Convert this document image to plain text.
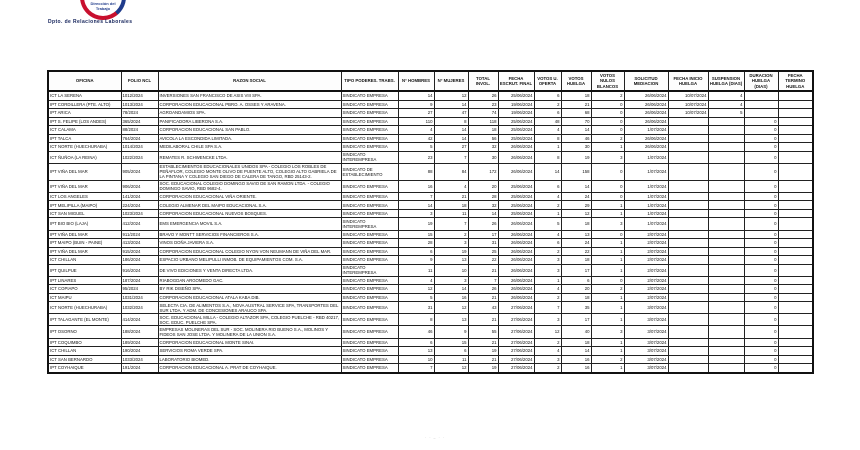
Dirección del Trabajo
Dpto. de Relaciones Laborales
OFICINA	FOLIO NCL	RAZON SOCIAL	TIPO PODERES. TRABS.	N° HOMBRES	N° MUJERES	TOTAL INVOL.	FECHA ESCRUT. FINAL	VOTOS U. OFERTA	VOTOS HUELGA	VOTOS NULOS BLANCOS	SOLICITUD MEDIACION	FECHA INICIO HUELGA	SUSPENSION HUELGA (DIAS)	DURACION HUELGA (DIAS)	FECHA TERMINO HUELGA
ICT LA SERENA	1012/2024	INVERSIONES SAN FRANCISCO DE ASIS VIII SPA.	SINDICATO EMPRESA	14	12	26	25/06/2024	6	18	2	26/06/2024	10/07/2024	4		
IPT CORDILLERA (PTE. ALTO)	1013/2024	CORPORACION EDUCACIONAL PBRO. A. OSSES Y ARAVENA.	SINDICATO EMPRESA	9	14	23	19/06/2024	2	21	0	26/06/2024	10/07/2024	4		
IPT ARICA	78/2024	AGROANDAMIOS SPA.	SINDICATO EMPRESA	27	47	74	19/06/2024	6	68	0	26/06/2024	10/07/2024	5		
IPT S. FELIPE (LOS ANDES)	365/2024	PANIFICADORA LIBERONA S.A.	SINDICATO EMPRESA	110	8	118	25/06/2024	48	70	0	26/06/2024			0	
ICT CALAMA	88/2024	CORPORACION EDUCACIONAL SAN PABLO.	SINDICATO EMPRESA	4	14	18	25/06/2024	4	14	0	1/07/2024			0	
IPT TALCA	764/2024	AVICOLA LA ESCONDIDA LIMITADA.	SINDICATO EMPRESA	42	14	56	25/06/2024	8	46	2	26/06/2024			0	
ICT NORTE (HUECHURABA)	1014/2024	MEDILABORAL CHILE SPA S.A.	SINDICATO EMPRESA	5	27	32	26/06/2024	1	30	1	26/06/2024			0	
ICT ÑUÑOA (LA REINA)	1022/2024	REMATES R. SCHWENCKE LTDA.	SINDICATO INTEREMPRESA	23	7	30	26/06/2024	8	19	3	1/07/2024			0	
IPT VIÑA DEL MAR	905/2024	ESTABLECIMIENTOS EDUCACIONALES UNIDOS SPA - COLEGIO LOS ROBLES DE PEÑAFLOR, COLEGIO MONTE OLIVO DE PUENTE ALTO, COLEGIO ALTO GABRIELA DE LA PINTANA Y COLEGIO SAN DIEGO DE CALERA DE TANGO, RBD 25143-2.	SINDICATO DE ESTABLECIMIENTO	88	84	172	26/06/2024	14	158	0	1/07/2024			0	
IPT VIÑA DEL MAR	906/2024	SOC. EDUCACIONAL COLEGIO DOMINGO SAVIO DE SAN RAMON LTDA. - COLEGIO DOMINGO SAVIO, RBD 9682-4.	SINDICATO EMPRESA	16	4	20	25/06/2024	6	14	0	1/07/2024			0	
ICT LOS ANGELES	141/2024	CORPORACION EDUCACIONAL VIÑA ORIENTE.	SINDICATO EMPRESA	7	21	28	25/06/2024	4	24	0	1/07/2024			0	
IPT MELIPILLA (MAIPO)	224/2024	COLEGIO ALMENAR DEL MAIPO EDUCACIONAL S.A.	SINDICATO EMPRESA	14	18	32	25/06/2024	2	29	1	1/07/2024			0	
ICT SAN MIGUEL	1023/2024	CORPORACION EDUCACIONAL NUEVOS BOSQUES.	SINDICATO EMPRESA	3	11	14	25/06/2024	1	12	1	1/07/2024			0	
IPT BIO BIO (LAJA)	412/2024	EMS EMERGENCIA MOVIL S.A.	SINDICATO INTEREMPRESA	19	7	26	26/06/2024	5	18	3	1/07/2024			0	
IPT VIÑA DEL MAR	911/2024	BRAVO Y MONTT SERVICIOS FINANCIEROS S.A.	SINDICATO EMPRESA	15	2	17	26/06/2024	4	13	0	2/07/2024			0	
IPT MAIPO (BUIN - PAINE)	413/2024	VINOS DOÑA JAVIERA S.A.	SINDICATO EMPRESA	28	3	31	26/06/2024	6	24	1	2/07/2024			0	
IPT VIÑA DEL MAR	915/2024	CORPORACION EDUCACIONAL COLEGIO NYON VON NEUMANN DE VIÑA DEL MAR.	SINDICATO EMPRESA	6	19	25	26/06/2024	2	22	1	2/07/2024			0	
ICT CHILLAN	186/2024	ESPACIO URBANO MELIPULLI INMOB. DE EQUIPAMIENTOS COM. S.A.	SINDICATO EMPRESA	9	13	22	26/06/2024	3	18	1	2/07/2024			0	
IPT QUILPUE	916/2024	DE VIVO EDICIONES Y VENTA DIRECTA LTDA.	SINDICATO INTEREMPRESA	11	10	21	26/06/2024	3	17	1	2/07/2024			0	
IPT LINARES	187/2024	RIABOGDAN ARGOMEDO GAC.	SINDICATO EMPRESA	4	3	7	26/06/2024	1	6	0	2/07/2024			0	
ICT COPIAPO	95/2024	BY RIK DISEÑO SPA.	SINDICATO EMPRESA	12	14	26	26/06/2024	4	20	2	2/07/2024			0	
ICT MAIPU	1031/2024	CORPORACION EDUCACIONAL ATALA KABA DIB.	SINDICATO EMPRESA	5	16	21	26/06/2024	2	18	1	2/07/2024			0	
ICT NORTE (HUECHURABA)	1032/2024	SELECTA CIA. DE ALIMENTOS S.A., NOVA AUSTRAL SERVICE SPA, TRANSPORTES DEL SUR LTDA. Y ADM. DE CONCESIONES ARAUCO SPA.	SINDICATO EMPRESA	31	12	43	27/06/2024	7	35	1	3/07/2024			0	
IPT TALAGANTE (EL MONTE)	414/2024	SOC. EDUCACIONAL MILLA - COLEGIO ALTAZOR SPA, COLEGIO PUELCHE - RBD 40217, SOC. EDUC. PUELCHE SPA.	SINDICATO EMPRESA	8	13	21	27/06/2024	3	17	1	3/07/2024			0	
IPT OSORNO	188/2024	EMPRESAS MOLINERAS DEL SUR - SOC. MOLINERA RIO BUENO S.A., MOLINOS Y FIDEOS SAN JOSE LTDA. Y MOLINERA DE LA UNION S.A.	SINDICATO EMPRESA	46	9	55	27/06/2024	12	40	3	3/07/2024			0	
IPT COQUIMBO	189/2024	CORPORACION EDUCACIONAL MONTE SINAI.	SINDICATO EMPRESA	6	15	21	27/06/2024	2	18	1	3/07/2024			0	
ICT CHILLAN	190/2024	SERVICIOS ROMA VERDE SPA.	SINDICATO EMPRESA	13	6	19	27/06/2024	4	14	1	3/07/2024			0	
ICT SAN BERNARDO	1033/2024	LABORATORIO BIOMED.	SINDICATO EMPRESA	10	11	21	27/06/2024	3	16	2	3/07/2024			0	
IPT COYHAIQUE	191/2024	CORPORACION EDUCACIONAL A. PRAT DE COYHAIQUE.	SINDICATO EMPRESA	7	12	19	27/06/2024	2	16	1	3/07/2024			0	
· · – · ·
